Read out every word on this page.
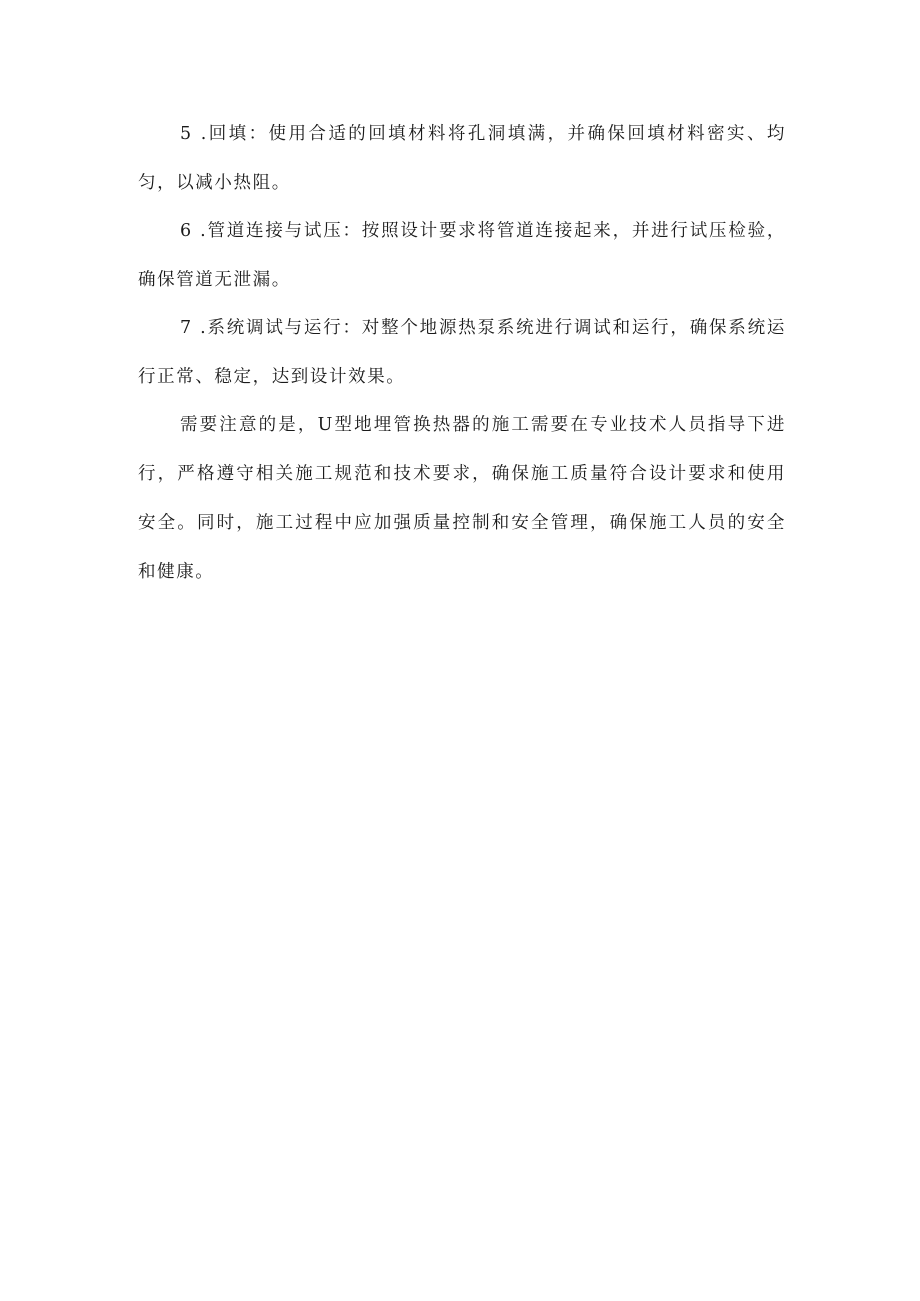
5 .回填：使用合适的回填材料将孔洞填满，并确保回填材料密实、均匀，以减小热阻。

6 .管道连接与试压：按照设计要求将管道连接起来，并进行试压检验，确保管道无泄漏。

7 .系统调试与运行：对整个地源热泵系统进行调试和运行，确保系统运行正常、稳定，达到设计效果。

需要注意的是，U型地埋管换热器的施工需要在专业技术人员指导下进行，严格遵守相关施工规范和技术要求，确保施工质量符合设计要求和使用安全。同时，施工过程中应加强质量控制和安全管理，确保施工人员的安全和健康。
